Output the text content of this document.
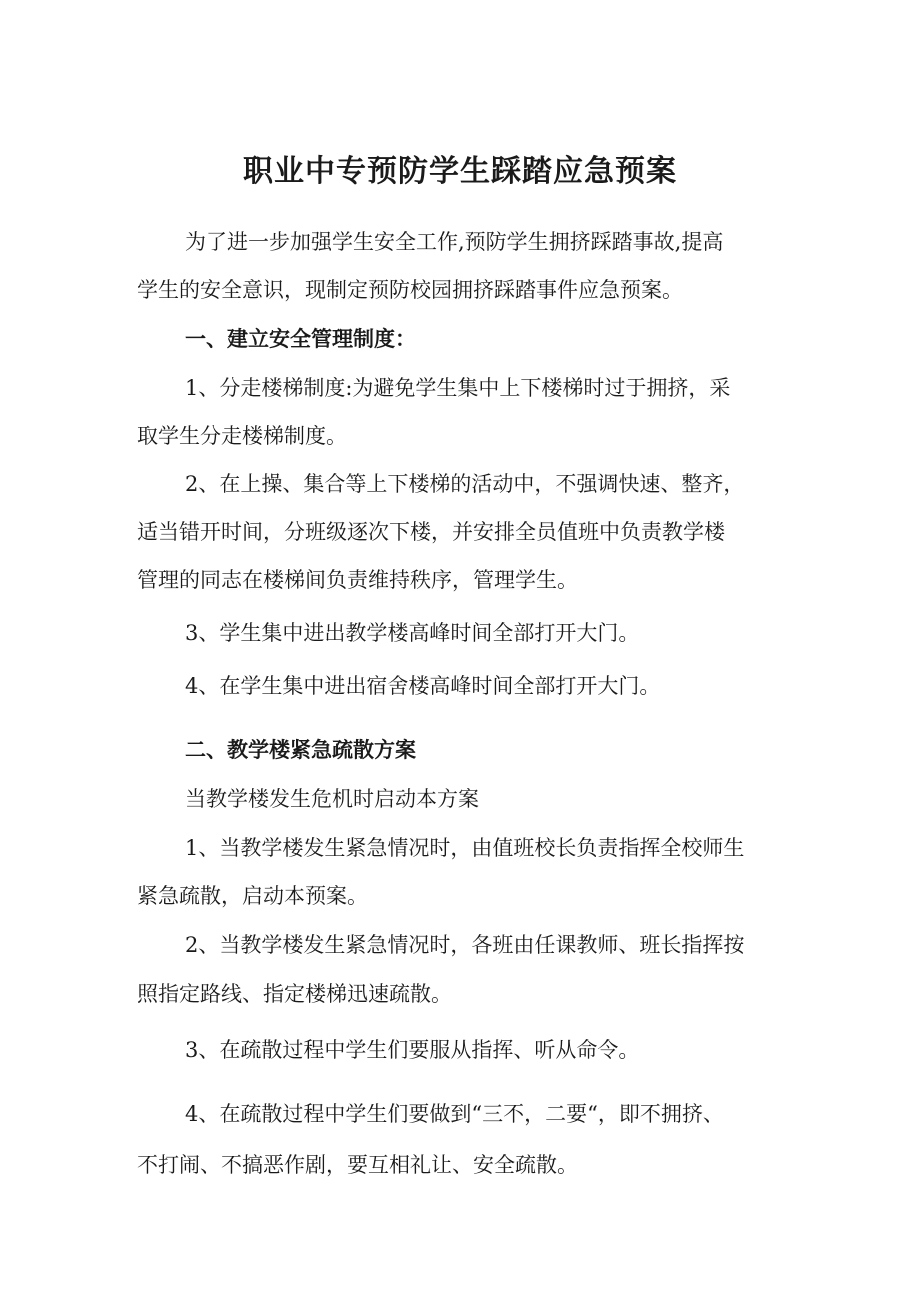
职业中专预防学生踩踏应急预案

为了进一步加强学生安全工作,预防学生拥挤踩踏事故,提高

学生的安全意识，现制定预防校园拥挤踩踏事件应急预案。

一、建立安全管理制度：

1、分走楼梯制度:为避免学生集中上下楼梯时过于拥挤，采

取学生分走楼梯制度。

2、在上操、集合等上下楼梯的活动中，不强调快速、整齐，

适当错开时间，分班级逐次下楼，并安排全员值班中负责教学楼

管理的同志在楼梯间负责维持秩序，管理学生。

3、学生集中进出教学楼高峰时间全部打开大门。

4、在学生集中进出宿舍楼高峰时间全部打开大门。

二、教学楼紧急疏散方案

当教学楼发生危机时启动本方案

1、当教学楼发生紧急情况时，由值班校长负责指挥全校师生

紧急疏散，启动本预案。

2、当教学楼发生紧急情况时，各班由任课教师、班长指挥按

照指定路线、指定楼梯迅速疏散。

3、在疏散过程中学生们要服从指挥、听从命令。

4、在疏散过程中学生们要做到“三不，二要“，即不拥挤、

不打闹、不搞恶作剧，要互相礼让、安全疏散。
